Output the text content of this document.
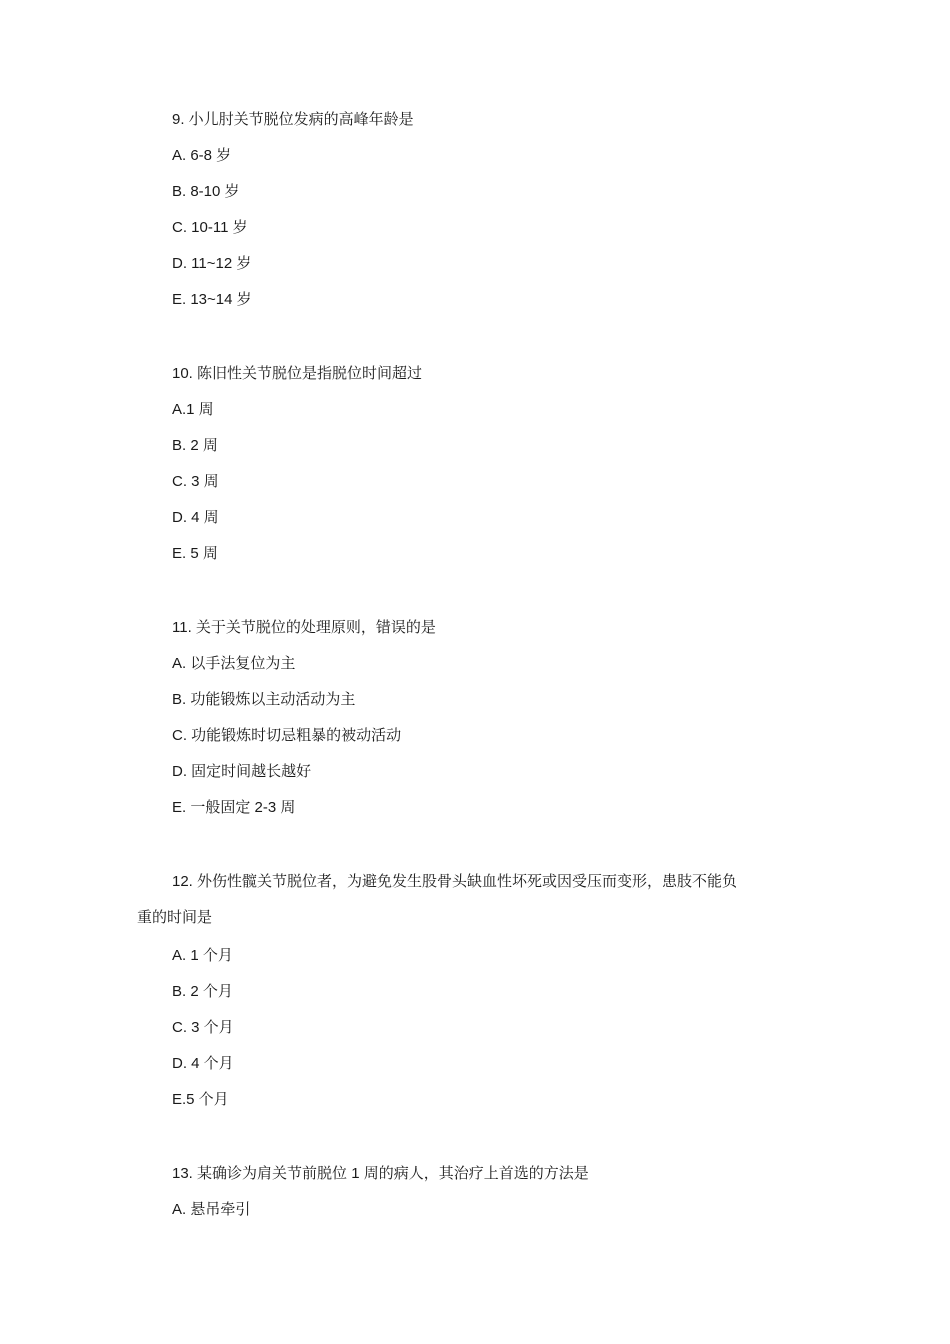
9. 小儿肘关节脱位发病的高峰年龄是
A. 6-8 岁
B. 8-10 岁
C. 10-11 岁
D. 11~12 岁
E. 13~14 岁
10. 陈旧性关节脱位是指脱位时间超过
A.1 周
B. 2 周
C. 3 周
D. 4 周
E. 5 周
11. 关于关节脱位的处理原则，错误的是
A. 以手法复位为主
B. 功能锻炼以主动活动为主
C. 功能锻炼时切忌粗暴的被动活动
D. 固定时间越长越好
E. 一般固定 2-3 周
12. 外伤性髋关节脱位者，为避免发生股骨头缺血性坏死或因受压而变形，患肢不能负
重的时间是
A. 1 个月
B. 2 个月
C. 3 个月
D. 4 个月
E.5 个月
13. 某确诊为肩关节前脱位 1 周的病人，其治疗上首选的方法是
A. 悬吊牵引
